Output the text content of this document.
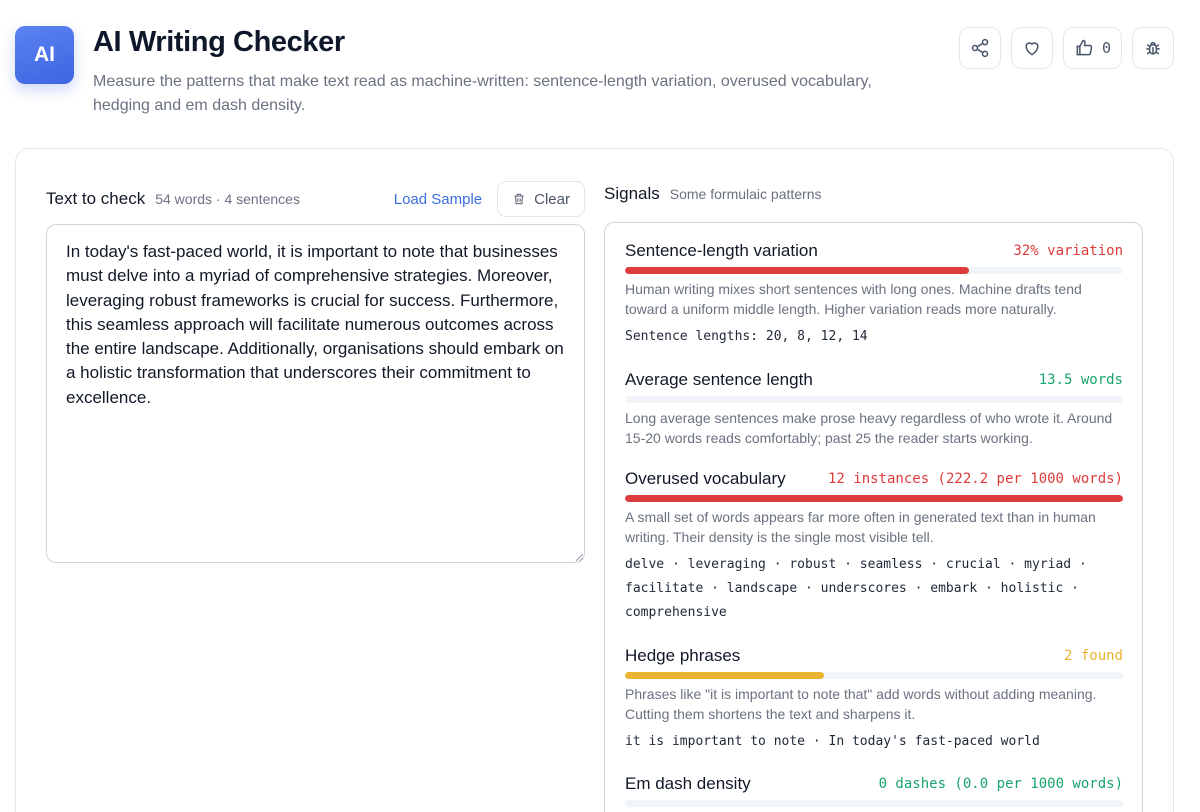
AI AI Writing Checker

Measure the patterns that make text read as machine-written: sentence-length variation, overused vocabulary, hedging and em dash density.

0
Text to check 54 words · 4 sentences	Load Sample	Clear
In today's fast-paced world, it is important to note that businesses must delve into a myriad of comprehensive strategies. Moreover, leveraging robust frameworks is crucial for success. Furthermore, this seamless approach will facilitate numerous outcomes across the entire landscape. Additionally, organisations should embark on a holistic transformation that underscores their commitment to excellence.
Signals Some formulaic patterns
Sentence-length variation	32% variation
Human writing mixes short sentences with long ones. Machine drafts tend toward a uniform middle length. Higher variation reads more naturally.
Sentence lengths: 20, 8, 12, 14
Average sentence length	13.5 words
Long average sentences make prose heavy regardless of who wrote it. Around 15-20 words reads comfortably; past 25 the reader starts working.
Overused vocabulary	12 instances (222.2 per 1000 words)
A small set of words appears far more often in generated text than in human writing. Their density is the single most visible tell.
delve · leveraging · robust · seamless · crucial · myriad · facilitate · landscape · underscores · embark · holistic · comprehensive
Hedge phrases	2 found
Phrases like "it is important to note that" add words without adding meaning. Cutting them shortens the text and sharpens it.
it is important to note · In today's fast-paced world
Em dash density	0 dashes (0.0 per 1000 words)
